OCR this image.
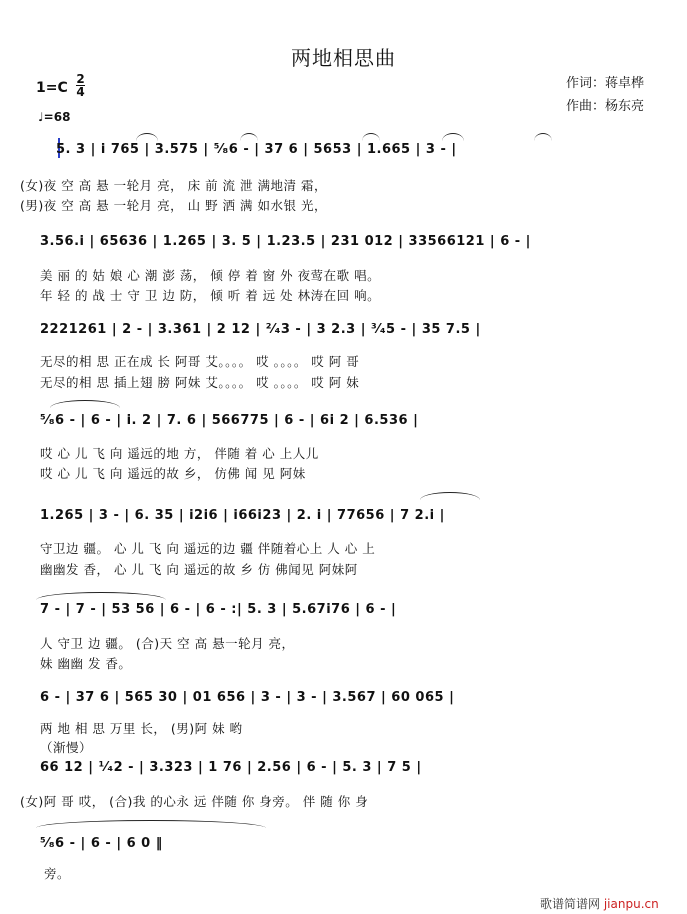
两地相思曲
作词：蒋卓桦
作曲：杨东亮
1=C
2
4
♩=68
5. 3 | i 765 | 3.575 | ⁵⁄₈6 - | 37 6 | 5653 | 1.665 | 3 - |
(女)夜 空 高 悬 一轮月 亮， 床 前 流 泄 满地清 霜，
(男)夜 空 高 悬 一轮月 亮， 山 野 洒 满 如水银 光，
3.56.i | 65636 | 1.265 | 3. 5 | 1.23.5 | 231 012 | 33566121 | 6 - |
美 丽 的 姑 娘 心 潮 澎 荡， 倾 停 着 窗 外 夜莺在歌 唱。
年 轻 的 战 士 守 卫 边 防， 倾 听 着 远 处 林涛在回 响。
2221261 | 2 - | 3.361 | 2 12 | ²⁄₄3 - | 3 2.3 | ³⁄₄5 - | 35 7.5 |
无尽的相 思 正在成 长 阿哥 艾。。。。 哎 。。。。 哎 阿 哥
无尽的相 思 插上翅 膀 阿妹 艾。。。。 哎 。。。。 哎 阿 妹
⁵⁄₈6 - | 6 - | i. 2 | 7. 6 | 566775 | 6 - | 6i 2 | 6.536 |
哎 心 儿 飞 向 遥远的地 方， 伴随 着 心 上人儿
哎 心 儿 飞 向 遥远的故 乡， 仿佛 闻 见 阿妹
1.265 | 3 - | 6. 35 | i2i6 | i66i23 | 2. i | 77656 | 7 2.i |
守卫边 疆。 心 儿 飞 向 遥远的边 疆 伴随着心上 人 心 上
幽幽发 香， 心 儿 飞 向 遥远的故 乡 仿 佛闻见 阿妹阿
7 - | 7 - | 53 56 | 6 - | 6 - :| 5. 3 | 5.67i76 | 6 - |
人 守卫 边 疆。 (合)天 空 高 悬一轮月 亮，
妹 幽幽 发 香。
6 - | 37 6 | 565 30 | 01 656 | 3 - | 3 - | 3.567 | 60 065 |
两 地 相 思 万里 长， (男)阿 妹 哟
（渐慢）
66 12 | ¹⁄₄2 - | 3.323 | 1 76 | 2.56 | 6 - | 5. 3 | 7 5 |
(女)阿 哥 哎， (合)我 的心永 远 伴随 你 身旁。 伴 随 你 身
⁵⁄₈6 - | 6 - | 6 0 ‖
旁。
歌谱简谱网 jianpu.cn
